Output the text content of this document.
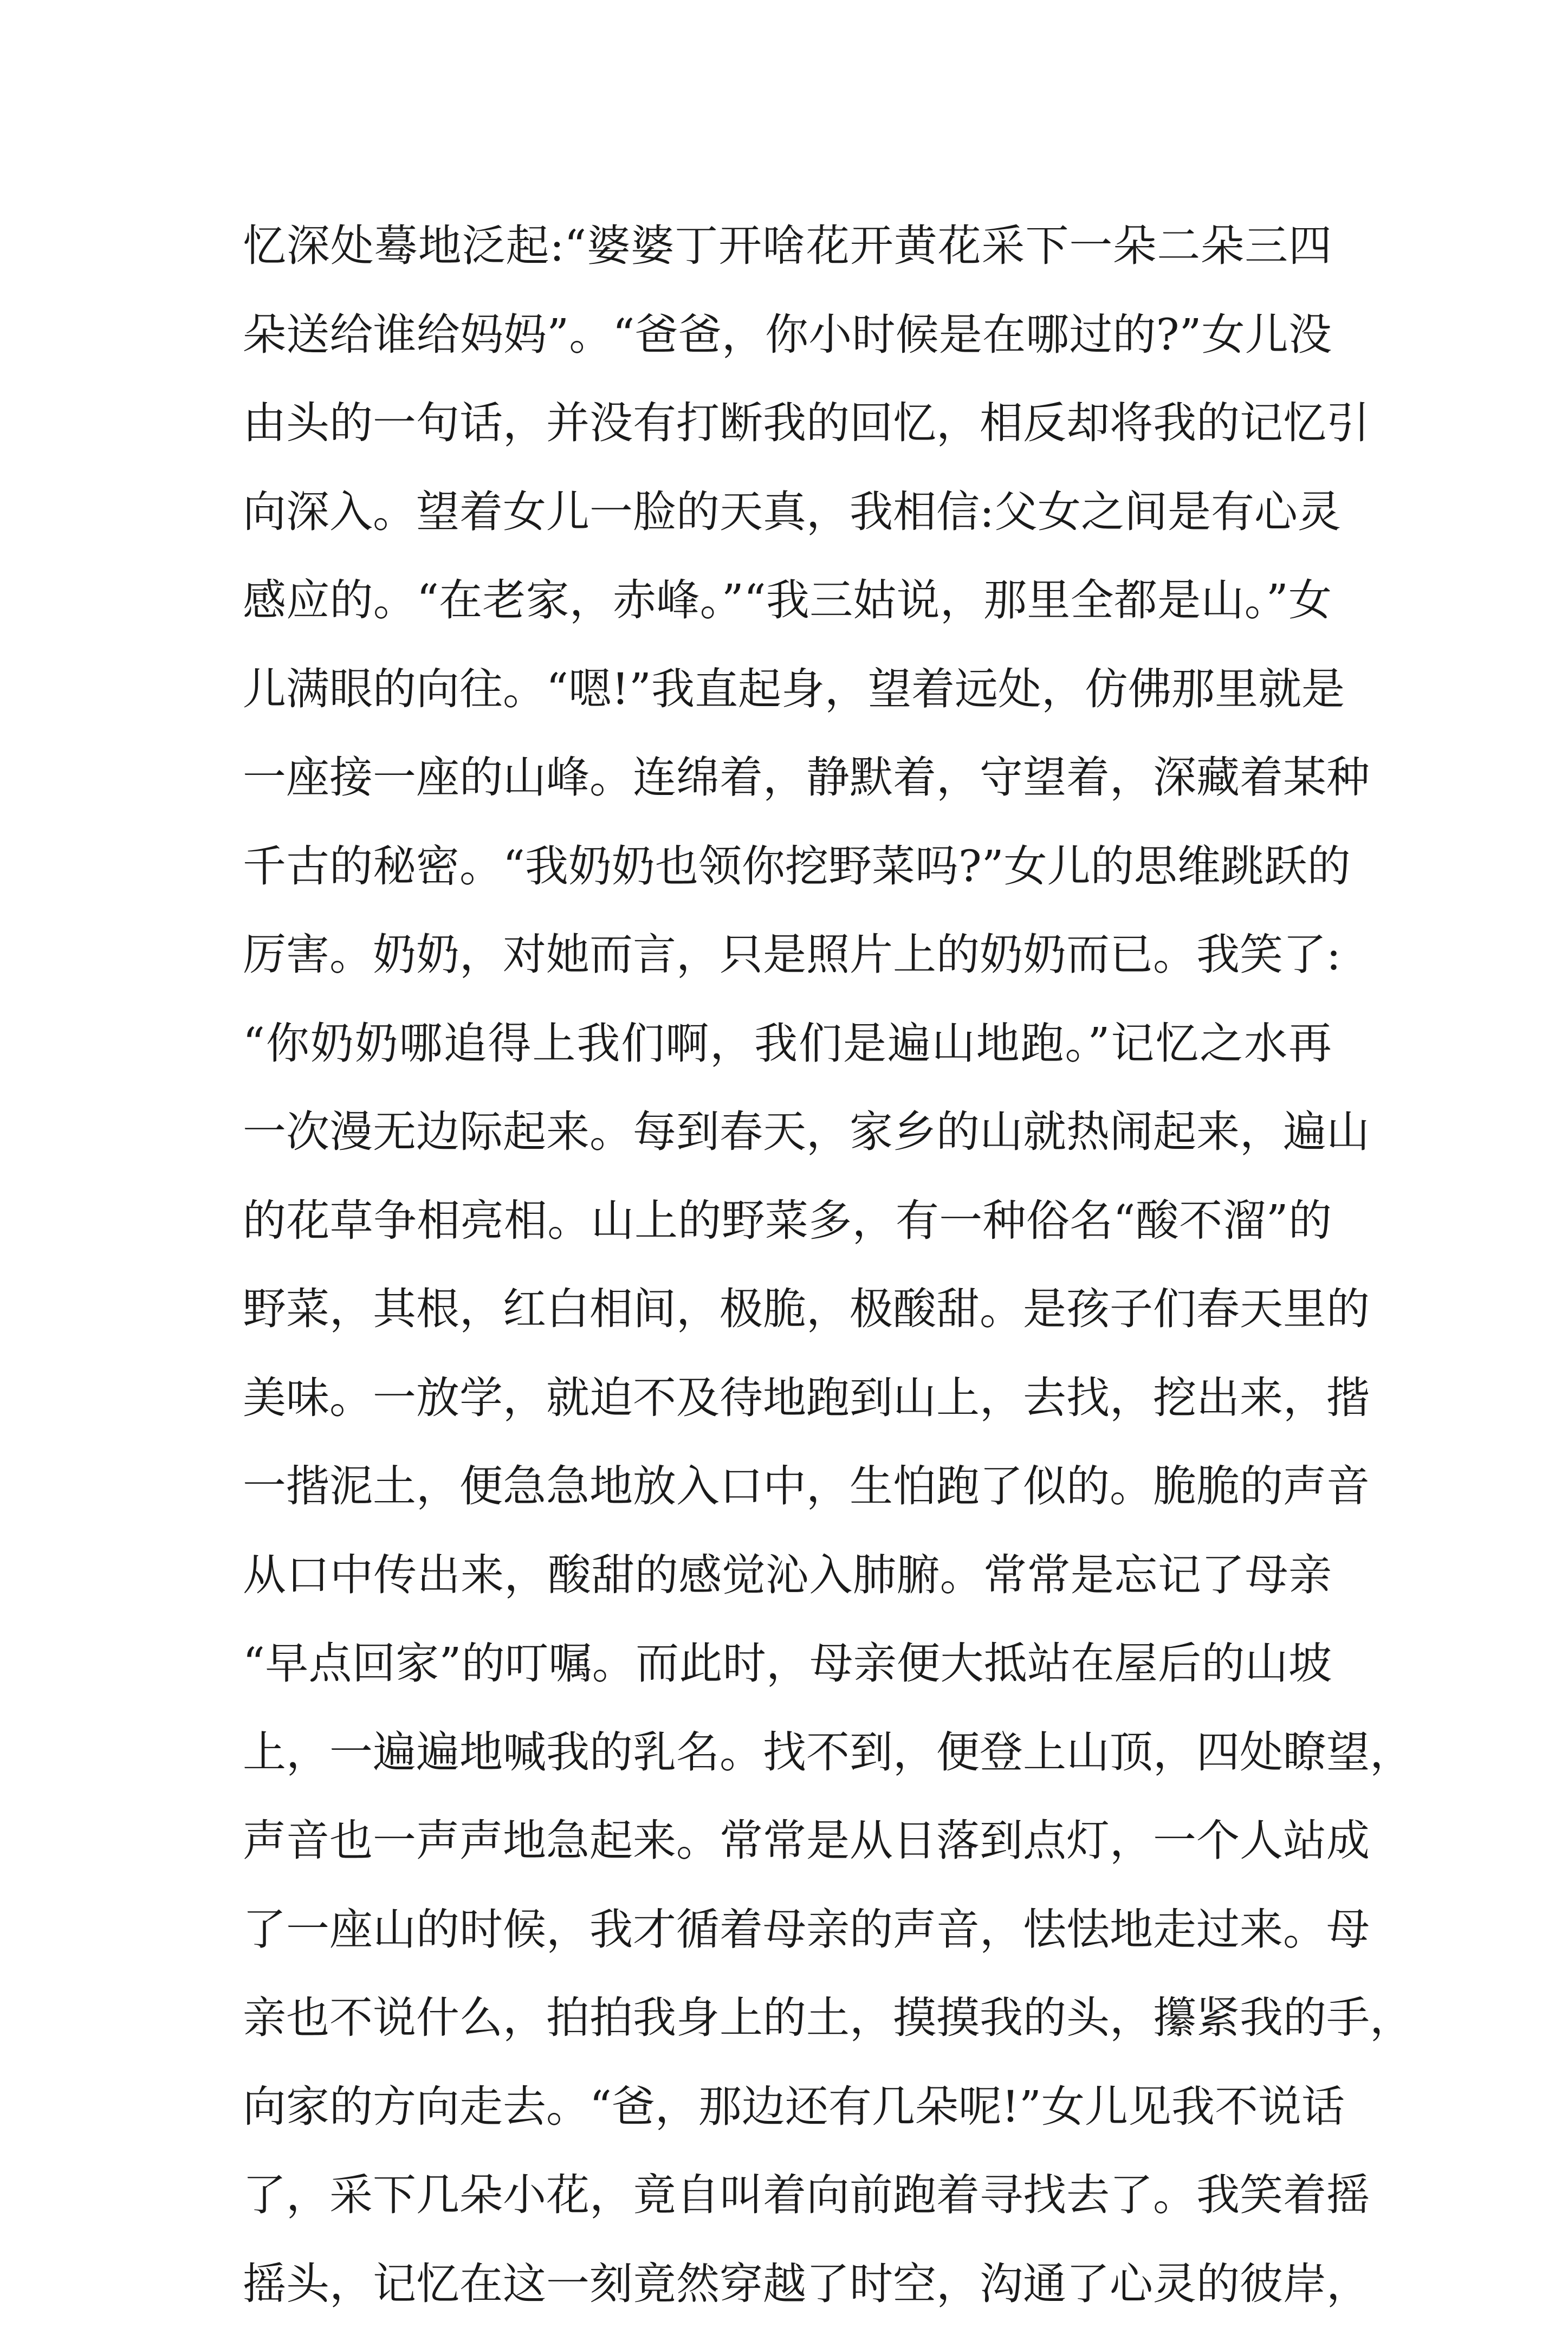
忆深处蓦地泛起:“婆婆丁开啥花开黄花采下一朵二朵三四
朵送给谁给妈妈”。“爸爸，你小时候是在哪过的?”女儿没
由头的一句话，并没有打断我的回忆，相反却将我的记忆引
向深入。望着女儿一脸的天真，我相信:父女之间是有心灵
感应的。“在老家，赤峰。”“我三姑说，那里全都是山。”女
儿满眼的向往。“嗯!”我直起身，望着远处，仿佛那里就是
一座接一座的山峰。连绵着，静默着，守望着，深藏着某种
千古的秘密。“我奶奶也领你挖野菜吗?”女儿的思维跳跃的
厉害。奶奶，对她而言，只是照片上的奶奶而已。我笑了:
“你奶奶哪追得上我们啊，我们是遍山地跑。”记忆之水再
一次漫无边际起来。每到春天，家乡的山就热闹起来，遍山
的花草争相亮相。山上的野菜多，有一种俗名“酸不溜”的
野菜，其根，红白相间，极脆，极酸甜。是孩子们春天里的
美味。一放学，就迫不及待地跑到山上，去找，挖出来，揩
一揩泥土，便急急地放入口中，生怕跑了似的。脆脆的声音
从口中传出来，酸甜的感觉沁入肺腑。常常是忘记了母亲
“早点回家”的叮嘱。而此时，母亲便大抵站在屋后的山坡
上，一遍遍地喊我的乳名。找不到，便登上山顶，四处瞭望，
声音也一声声地急起来。常常是从日落到点灯，一个人站成
了一座山的时候，我才循着母亲的声音，怯怯地走过来。母
亲也不说什么，拍拍我身上的土，摸摸我的头，攥紧我的手，
向家的方向走去。“爸，那边还有几朵呢!”女儿见我不说话
了，采下几朵小花，竟自叫着向前跑着寻找去了。我笑着摇
摇头，记忆在这一刻竟然穿越了时空，沟通了心灵的彼岸，
